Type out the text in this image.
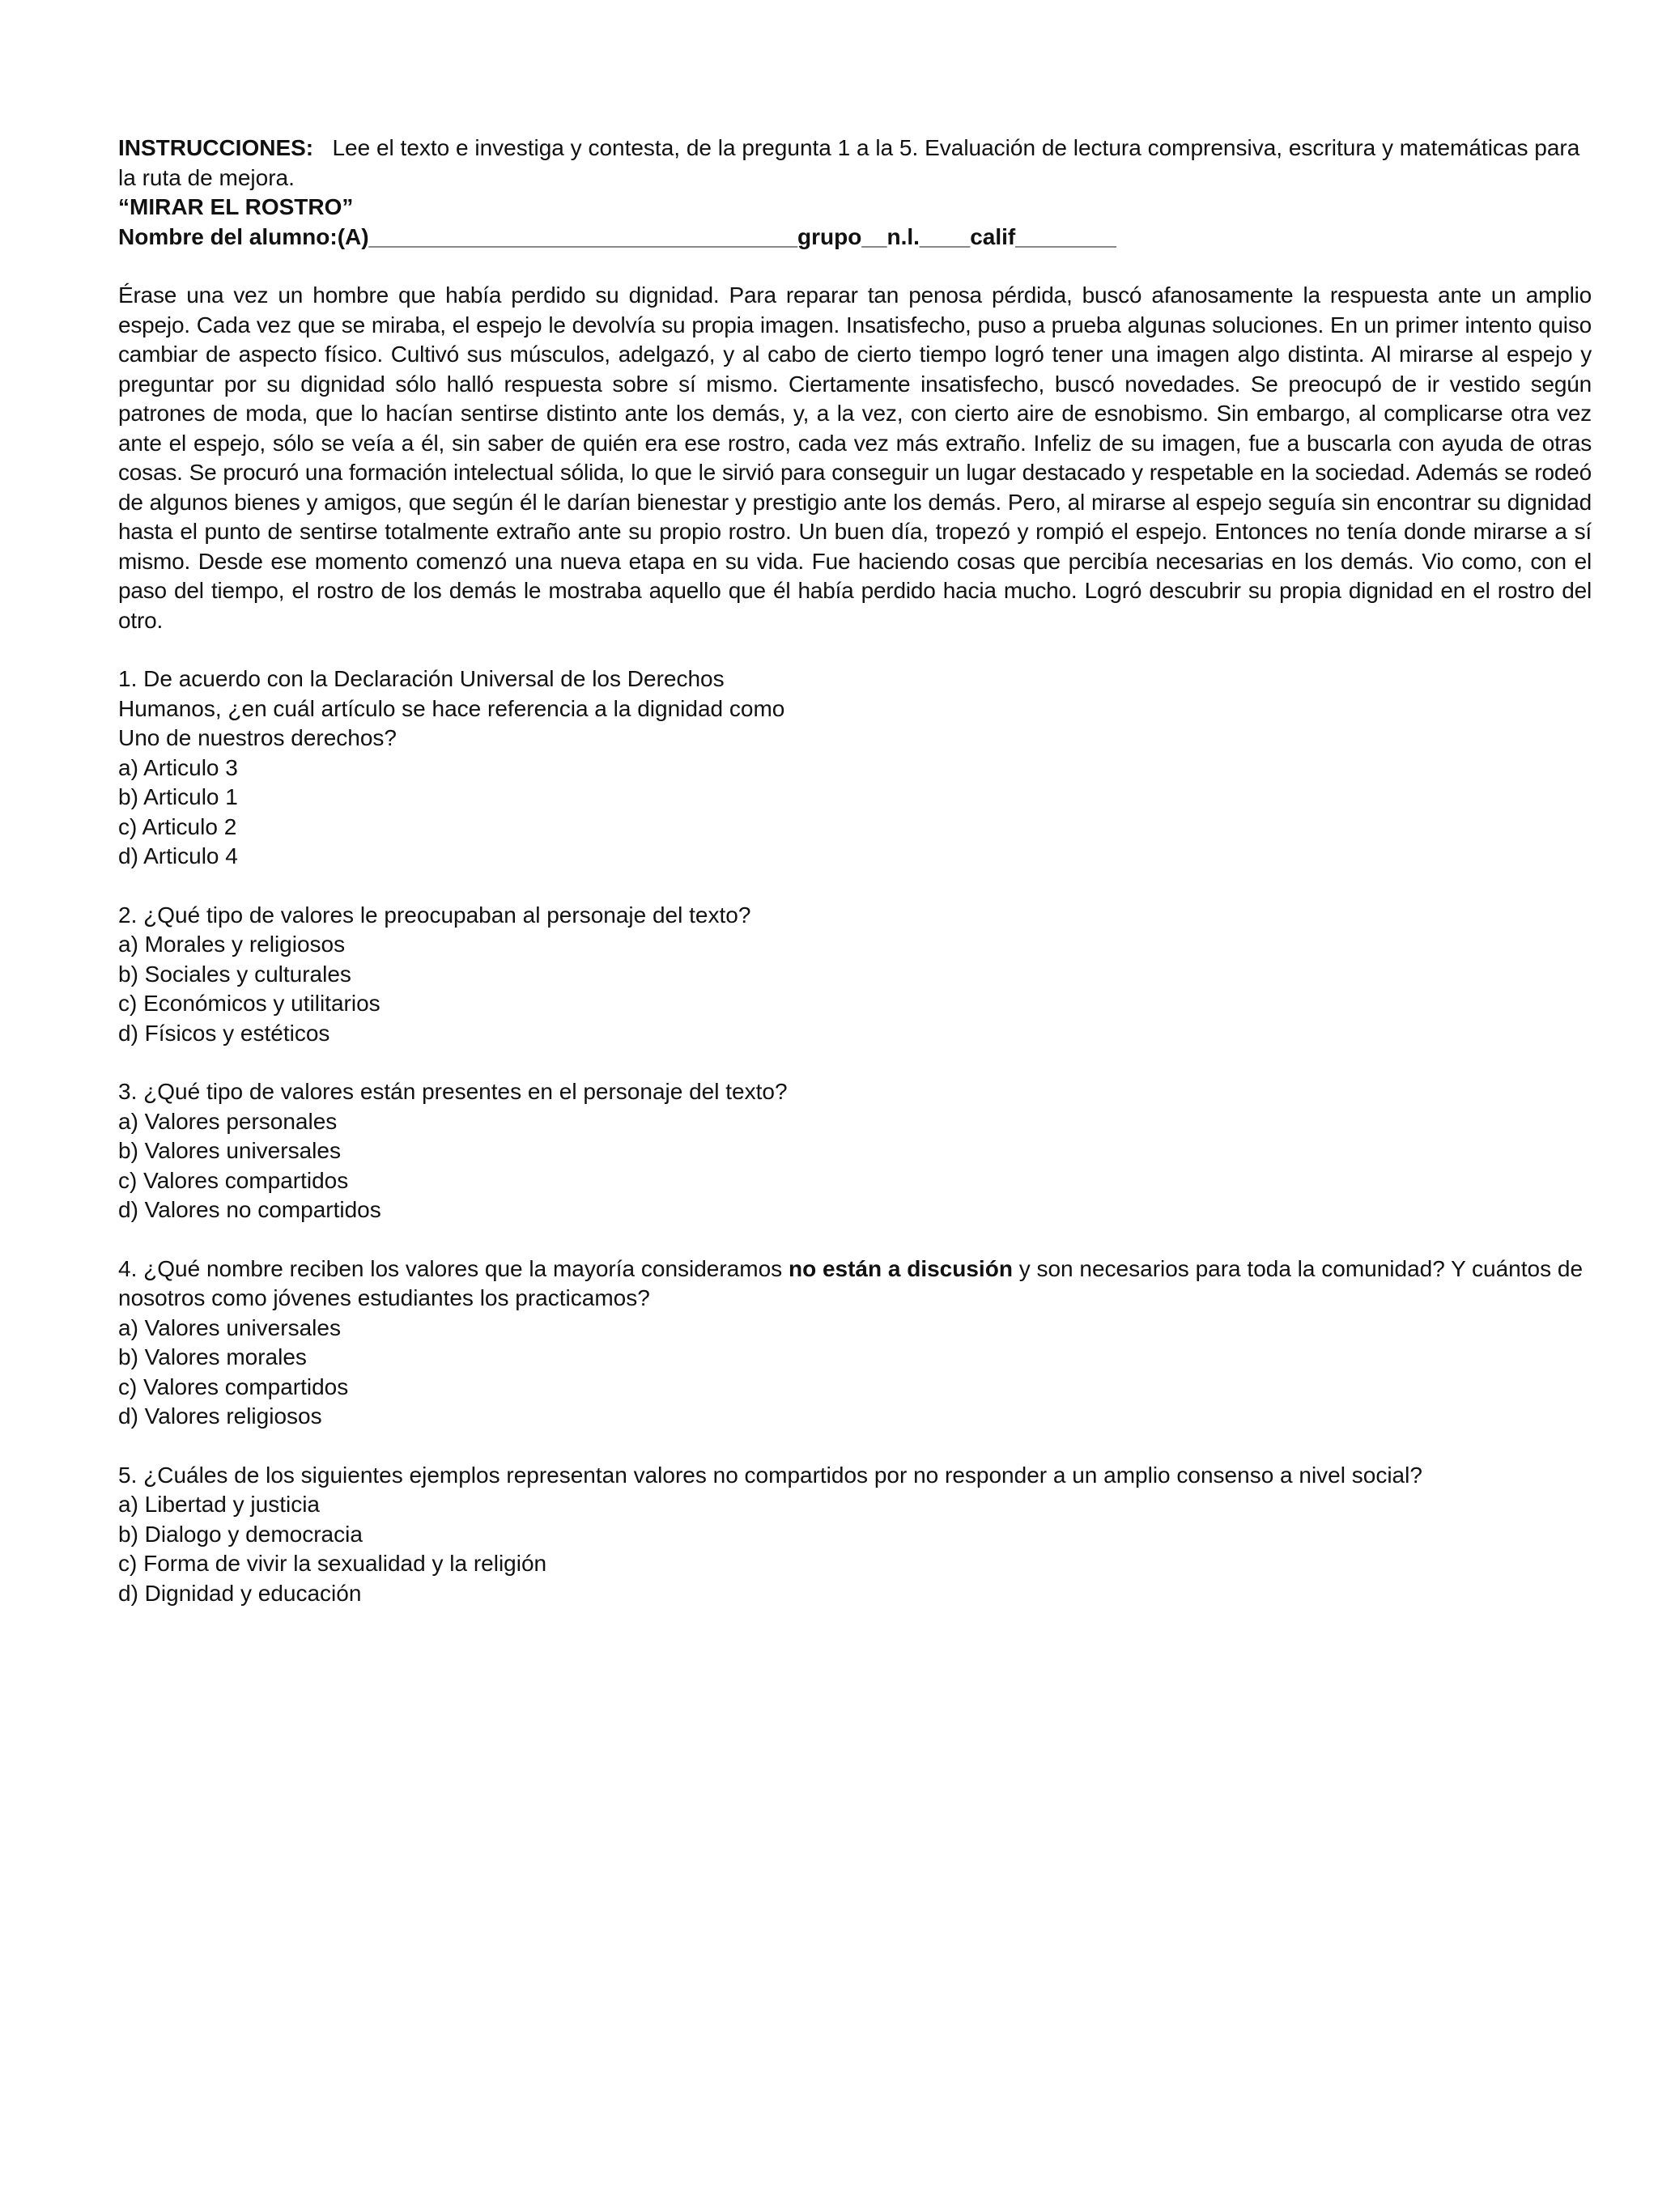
INSTRUCCIONES: Lee el texto e investiga y contesta, de la pregunta 1 a la 5. Evaluación de lectura comprensiva, escritura y matemáticas para la ruta de mejora.

“MIRAR EL ROSTRO”

Nombre del alumno:(A)__________________________________grupo__n.l.____calif________

Érase una vez un hombre que había perdido su dignidad. Para reparar tan penosa pérdida, buscó afanosamente la respuesta ante un amplio espejo. Cada vez que se miraba, el espejo le devolvía su propia imagen. Insatisfecho, puso a prueba algunas soluciones. En un primer intento quiso cambiar de aspecto físico. Cultivó sus músculos, adelgazó, y al cabo de cierto tiempo logró tener una imagen algo distinta. Al mirarse al espejo y preguntar por su dignidad sólo halló respuesta sobre sí mismo. Ciertamente insatisfecho, buscó novedades. Se preocupó de ir vestido según patrones de moda, que lo hacían sentirse distinto ante los demás, y, a la vez, con cierto aire de esnobismo. Sin embargo, al complicarse otra vez ante el espejo, sólo se veía a él, sin saber de quién era ese rostro, cada vez más extraño. Infeliz de su imagen, fue a buscarla con ayuda de otras cosas. Se procuró una formación intelectual sólida, lo que le sirvió para conseguir un lugar destacado y respetable en la sociedad. Además se rodeó de algunos bienes y amigos, que según él le darían bienestar y prestigio ante los demás. Pero, al mirarse al espejo seguía sin encontrar su dignidad hasta el punto de sentirse totalmente extraño ante su propio rostro. Un buen día, tropezó y rompió el espejo. Entonces no tenía donde mirarse a sí mismo. Desde ese momento comenzó una nueva etapa en su vida. Fue haciendo cosas que percibía necesarias en los demás. Vio como, con el paso del tiempo, el rostro de los demás le mostraba aquello que él había perdido hacia mucho. Logró descubrir su propia dignidad en el rostro del otro.

1. De acuerdo con la Declaración Universal de los Derechos
Humanos, ¿en cuál artículo se hace referencia a la dignidad como
Uno de nuestros derechos?

a) Articulo 3

b) Articulo 1

c) Articulo 2

d) Articulo 4

2. ¿Qué tipo de valores le preocupaban al personaje del texto?

a) Morales y religiosos

b) Sociales y culturales

c) Económicos y utilitarios

d) Físicos y estéticos

3. ¿Qué tipo de valores están presentes en el personaje del texto?

a) Valores personales

b) Valores universales

c) Valores compartidos

d) Valores no compartidos

4. ¿Qué nombre reciben los valores que la mayoría consideramos no están a discusión y son necesarios para toda la comunidad? Y cuántos de nosotros como jóvenes estudiantes los practicamos?

a) Valores universales

b) Valores morales

c) Valores compartidos

d) Valores religiosos

5. ¿Cuáles de los siguientes ejemplos representan valores no compartidos por no responder a un amplio consenso a nivel social?

a) Libertad y justicia

b) Dialogo y democracia

c) Forma de vivir la sexualidad y la religión

d) Dignidad y educación
